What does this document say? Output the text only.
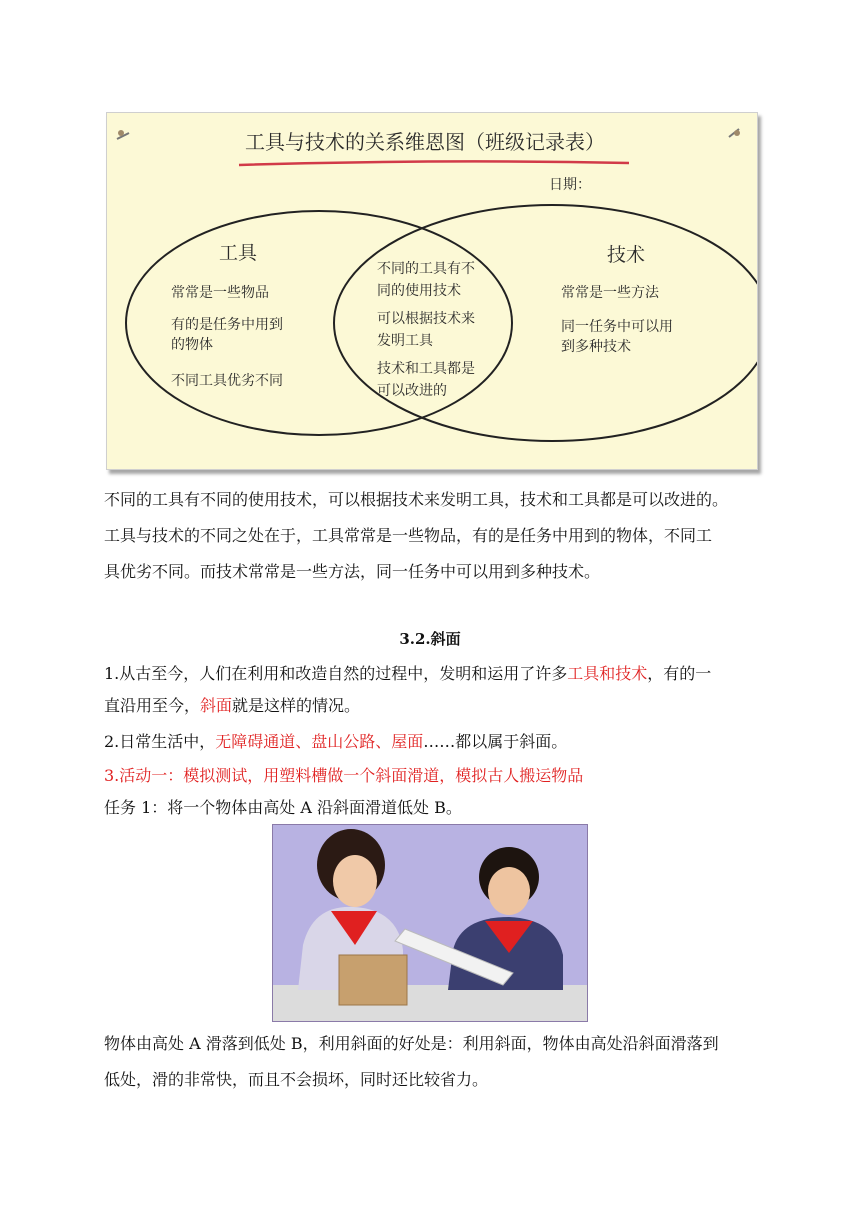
工具与技术的关系维恩图（班级记录表）
日期：
工具
常常是一些物品
有的是任务中用到
的物体
不同工具优劣不同
不同的工具有不
同的使用技术
可以根据技术来
发明工具
技术和工具都是
可以改进的
技术
常常是一些方法
同一任务中可以用
到多种技术
不同的工具有不同的使用技术，可以根据技术来发明工具，技术和工具都是可以改进的。
工具与技术的不同之处在于，工具常常是一些物品，有的是任务中用到的物体，不同工
具优劣不同。而技术常常是一些方法，同一任务中可以用到多种技术。
3.2.斜面
1.从古至今，人们在利用和改造自然的过程中，发明和运用了许多工具和技术，有的一
直沿用至今，斜面就是这样的情况。
2.日常生活中，无障碍通道、盘山公路、屋面……都以属于斜面。
3.活动一：模拟测试，用塑料槽做一个斜面滑道，模拟古人搬运物品
任务 1：将一个物体由高处 A 沿斜面滑道低处 B。
物体由高处 A 滑落到低处 B，利用斜面的好处是：利用斜面，物体由高处沿斜面滑落到
低处，滑的非常快，而且不会损坏，同时还比较省力。
